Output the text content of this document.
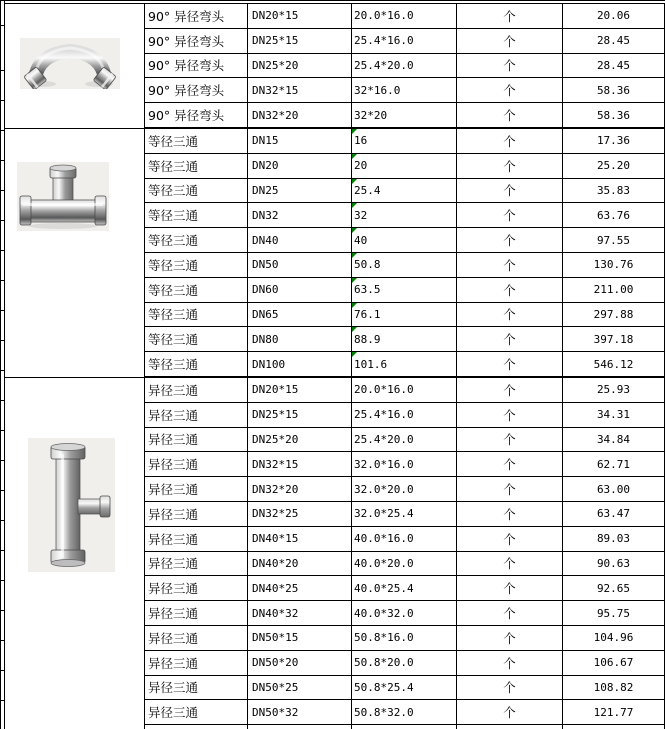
90° 异径弯头	DN20*15	20.0*16.0	个	20.06
90° 异径弯头	DN25*15	25.4*16.0	个	28.45
90° 异径弯头	DN25*20	25.4*20.0	个	28.45
90° 异径弯头	DN32*15	32*16.0	个	58.36
90° 异径弯头	DN32*20	32*20	个	58.36
等径三通	DN15	16	个	17.36
等径三通	DN20	20	个	25.20
等径三通	DN25	25.4	个	35.83
等径三通	DN32	32	个	63.76
等径三通	DN40	40	个	97.55
等径三通	DN50	50.8	个	130.76
等径三通	DN60	63.5	个	211.00
等径三通	DN65	76.1	个	297.88
等径三通	DN80	88.9	个	397.18
等径三通	DN100	101.6	个	546.12
异径三通	DN20*15	20.0*16.0	个	25.93
异径三通	DN25*15	25.4*16.0	个	34.31
异径三通	DN25*20	25.4*20.0	个	34.84
异径三通	DN32*15	32.0*16.0	个	62.71
异径三通	DN32*20	32.0*20.0	个	63.00
异径三通	DN32*25	32.0*25.4	个	63.47
异径三通	DN40*15	40.0*16.0	个	89.03
异径三通	DN40*20	40.0*20.0	个	90.63
异径三通	DN40*25	40.0*25.4	个	92.65
异径三通	DN40*32	40.0*32.0	个	95.75
异径三通	DN50*15	50.8*16.0	个	104.96
异径三通	DN50*20	50.8*20.0	个	106.67
异径三通	DN50*25	50.8*25.4	个	108.82
异径三通	DN50*32	50.8*32.0	个	121.77
